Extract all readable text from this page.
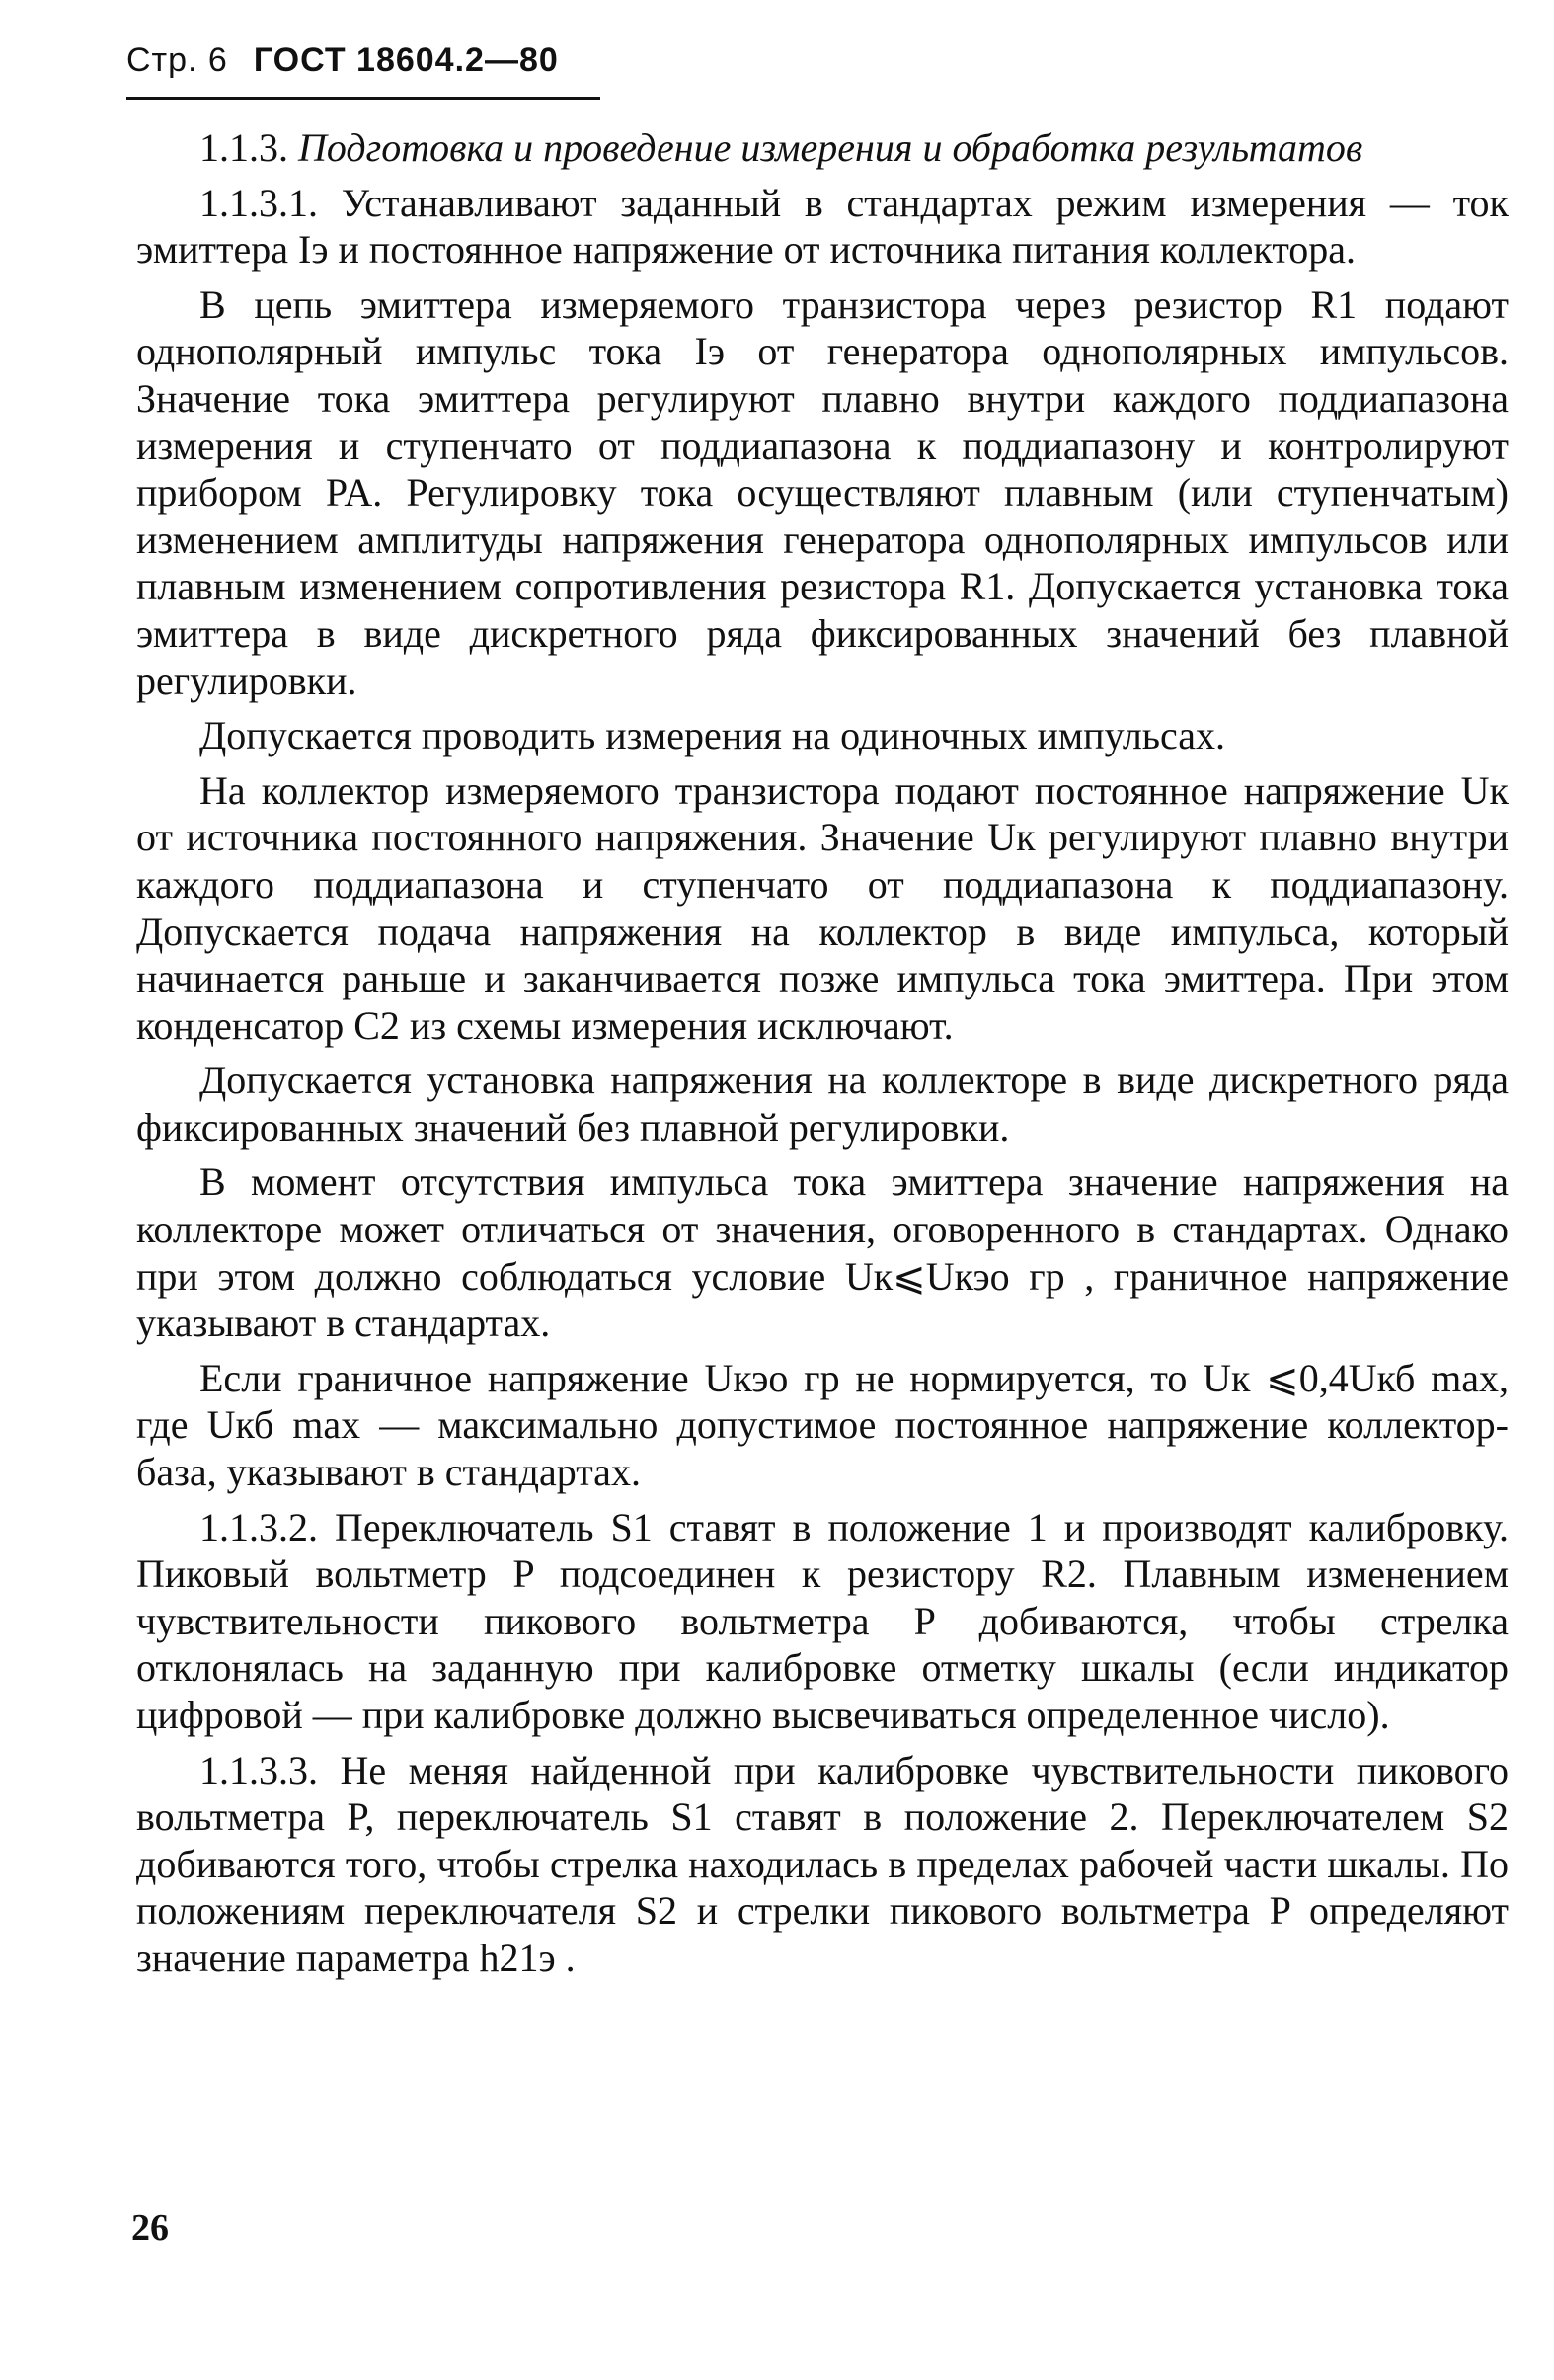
Стр. 6 ГОСТ 18604.2—80

1.1.3. Подготовка и проведение измерения и обработка результатов

1.1.3.1. Устанавливают заданный в стандартах режим измерения — ток эмиттера Iэ и постоянное напряжение от источника питания коллектора.

В цепь эмиттера измеряемого транзистора через резистор R1 подают однополярный импульс тока Iэ от генератора однополярных импульсов. Значение тока эмиттера регулируют плавно внутри каждого поддиапазона измерения и ступенчато от поддиапазона к поддиапазону и контролируют прибором PA. Регулировку тока осуществляют плавным (или ступенчатым) изменением амплитуды напряжения генератора однополярных импульсов или плавным изменением сопротивления резистора R1. Допускается установка тока эмиттера в виде дискретного ряда фиксированных значений без плавной регулировки.

Допускается проводить измерения на одиночных импульсах.

На коллектор измеряемого транзистора подают постоянное напряжение Uк от источника постоянного напряжения. Значение Uк регулируют плавно внутри каждого поддиапазона и ступенчато от поддиапазона к поддиапазону. Допускается подача напряжения на коллектор в виде импульса, который начинается раньше и заканчивается позже импульса тока эмиттера. При этом конденсатор C2 из схемы измерения исключают.

Допускается установка напряжения на коллекторе в виде дискретного ряда фиксированных значений без плавной регулировки.

В момент отсутствия импульса тока эмиттера значение напряжения на коллекторе может отличаться от значения, оговоренного в стандартах. Однако при этом должно соблюдаться условие Uк⩽Uкэо гр , граничное напряжение указывают в стандартах.

Если граничное напряжение Uкэо гр не нормируется, то Uк ⩽0,4Uкб max, где Uкб max — максимально допустимое постоянное напряжение коллектор-база, указывают в стандартах.

1.1.3.2. Переключатель S1 ставят в положение 1 и производят калибровку. Пиковый вольтметр P подсоединен к резистору R2. Плавным изменением чувствительности пикового вольтметра P добиваются, чтобы стрелка отклонялась на заданную при калибровке отметку шкалы (если индикатор цифровой — при калибровке должно высвечиваться определенное число).

1.1.3.3. Не меняя найденной при калибровке чувствительности пикового вольтметра P, переключатель S1 ставят в положение 2. Переключателем S2 добиваются того, чтобы стрелка находилась в пределах рабочей части шкалы. По положениям переключателя S2 и стрелки пикового вольтметра P определяют значение параметра h21э .

26
